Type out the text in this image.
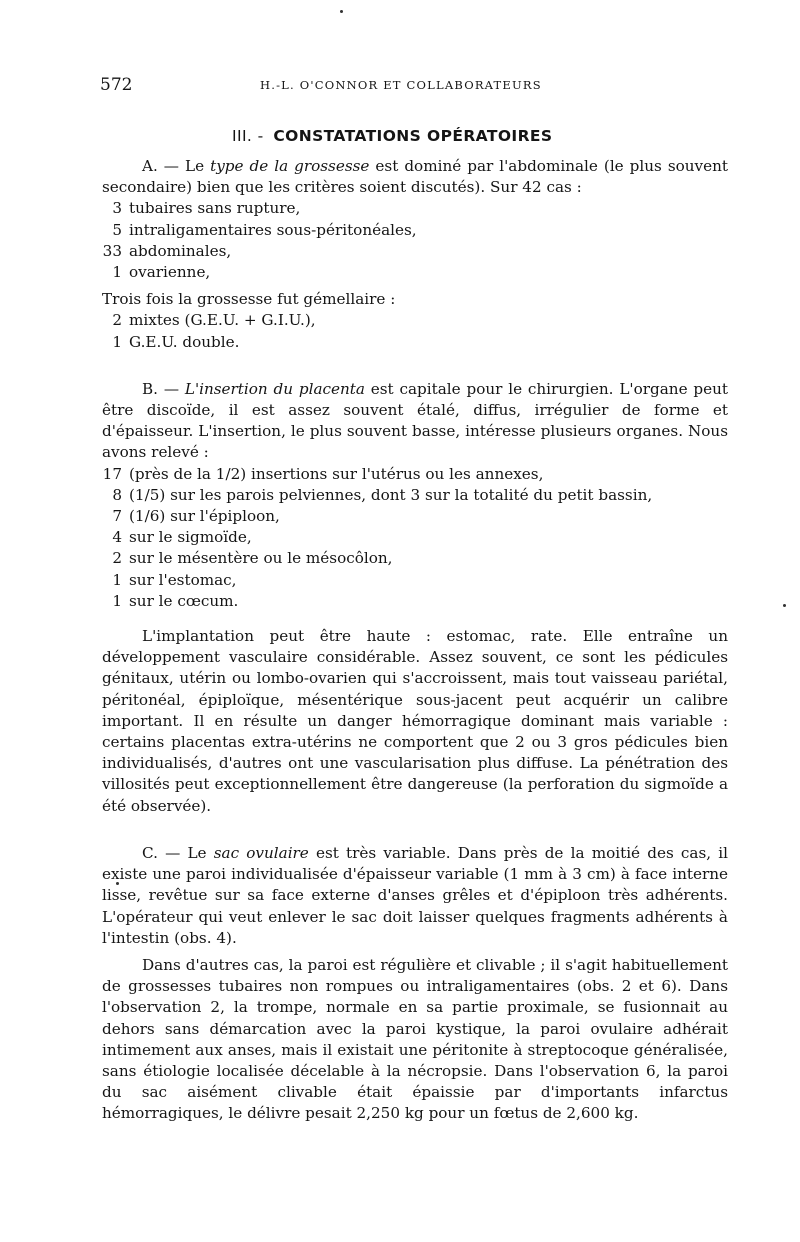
572	H.-L. O'CONNOR ET COLLABORATEURS
III. - CONSTATATIONS OPÉRATOIRES

A. — Le type de la grossesse est dominé par l'abdominale (le plus souvent secondaire) bien que les critères soient discutés). Sur 42 cas :

3 tubaires sans rupture,

5 intraligamentaires sous-péritonéales,

33 abdominales,

1 ovarienne,

Trois fois la grossesse fut gémellaire :

2 mixtes (G.E.U. + G.I.U.),

1 G.E.U. double.

B. — L'insertion du placenta est capitale pour le chirurgien. L'organe peut être discoïde, il est assez souvent étalé, diffus, irrégulier de forme et d'épaisseur. L'insertion, le plus souvent basse, intéresse plusieurs organes. Nous avons relevé :

17 (près de la 1/2) insertions sur l'utérus ou les annexes,

8 (1/5) sur les parois pelviennes, dont 3 sur la totalité du petit bassin,

7 (1/6) sur l'épiploon,

4 sur le sigmoïde,

2 sur le mésentère ou le mésocôlon,

1 sur l'estomac,

1 sur le cœcum.

L'implantation peut être haute : estomac, rate. Elle entraîne un développement vasculaire considérable. Assez souvent, ce sont les pédicules génitaux, utérin ou lombo-ovarien qui s'accroissent, mais tout vaisseau pariétal, péritonéal, épiploïque, mésentérique sous-jacent peut acquérir un calibre important. Il en résulte un danger hémorragique dominant mais variable : certains placentas extra-utérins ne comportent que 2 ou 3 gros pédicules bien individualisés, d'autres ont une vascularisation plus diffuse. La pénétration des villosités peut exceptionnellement être dangereuse (la perforation du sigmoïde a été observée).

C. — Le sac ovulaire est très variable. Dans près de la moitié des cas, il existe une paroi individualisée d'épaisseur variable (1 mm à 3 cm) à face interne lisse, revêtue sur sa face externe d'anses grêles et d'épiploon très adhérents. L'opérateur qui veut enlever le sac doit laisser quelques fragments adhérents à l'intestin (obs. 4).

Dans d'autres cas, la paroi est régulière et clivable ; il s'agit habituellement de grossesses tubaires non rompues ou intraligamentaires (obs. 2 et 6). Dans l'observation 2, la trompe, normale en sa partie proximale, se fusionnait au dehors sans démarcation avec la paroi kystique, la paroi ovulaire adhérait intimement aux anses, mais il existait une péritonite à streptocoque généralisée, sans étiologie localisée décelable à la nécropsie. Dans l'observation 6, la paroi du sac aisément clivable était épaissie par d'importants infarctus hémorragiques, le délivre pesait 2,250 kg pour un fœtus de 2,600 kg.
